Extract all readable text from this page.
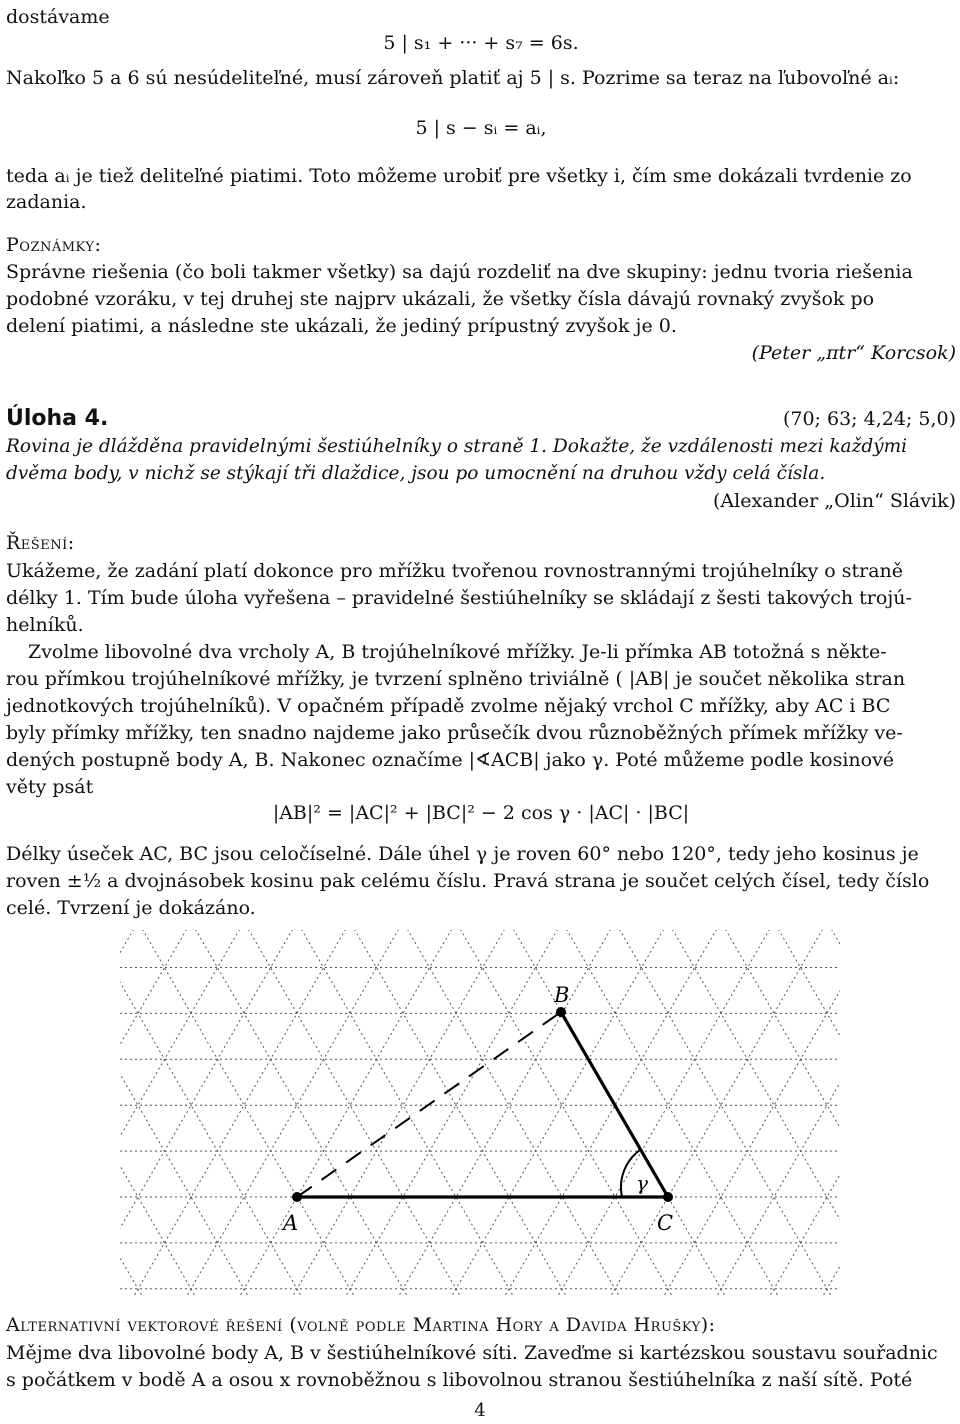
dostávame
5 | s₁ + ··· + s₇ = 6s.
Nakoľko 5 a 6 sú nesúdeliteľné, musí zároveň platiť aj 5 | s. Pozrime sa teraz na ľubovoľné aᵢ:
5 | s − sᵢ = aᵢ,
teda aᵢ je tiež deliteľné piatimi. Toto môžeme urobiť pre všetky i, čím sme dokázali tvrdenie zo
zadania.
Poznámky:
Správne riešenia (čo boli takmer všetky) sa dajú rozdeliť na dve skupiny: jednu tvoria riešenia
podobné vzoráku, v tej druhej ste najprv ukázali, že všetky čísla dávajú rovnaký zvyšok po
delení piatimi, a následne ste ukázali, že jediný prípustný zvyšok je 0.
(Peter „πtr“ Korcsok)
Úloha 4.	(70; 63; 4,24; 5,0)
Rovina je dlážděna pravidelnými šestiúhelníky o straně 1. Dokažte, že vzdálenosti mezi každými
dvěma body, v nichž se stýkají tři dlaždice, jsou po umocnění na druhou vždy celá čísla.
(Alexander „Olin“ Slávik)
Řešení:
Ukážeme, že zadání platí dokonce pro mřížku tvořenou rovnostrannými trojúhelníky o straně
délky 1. Tím bude úloha vyřešena – pravidelné šestiúhelníky se skládají z šesti takových trojú-
helníků.
Zvolme libovolné dva vrcholy A, B trojúhelníkové mřížky. Je-li přímka AB totožná s někte-
rou přímkou trojúhelníkové mřížky, je tvrzení splněno triviálně ( |AB| je součet několika stran
jednotkových trojúhelníků). V opačném případě zvolme nějaký vrchol C mřížky, aby AC i BC
byly přímky mřížky, ten snadno najdeme jako průsečík dvou různoběžných přímek mřížky ve-
dených postupně body A, B. Nakonec označíme |∢ACB| jako γ. Poté můžeme podle kosinové
věty psát
|AB|² = |AC|² + |BC|² − 2 cos γ · |AC| · |BC|
Délky úseček AC, BC jsou celočíselné. Dále úhel γ je roven 60° nebo 120°, tedy jeho kosinus je
roven ±½ a dvojnásobek kosinu pak celému číslu. Pravá strana je součet celých čísel, tedy číslo
celé. Tvrzení je dokázáno.
Alternativní vektorové řešení (volně podle Martina Hory a Davida Hrušky):
Mějme dva libovolné body A, B v šestiúhelníkové síti. Zaveďme si kartézskou soustavu souřadnic
s počátkem v bodě A a osou x rovnoběžnou s libovolnou stranou šestiúhelníka z naší sítě. Poté
A
B
C
γ
4
